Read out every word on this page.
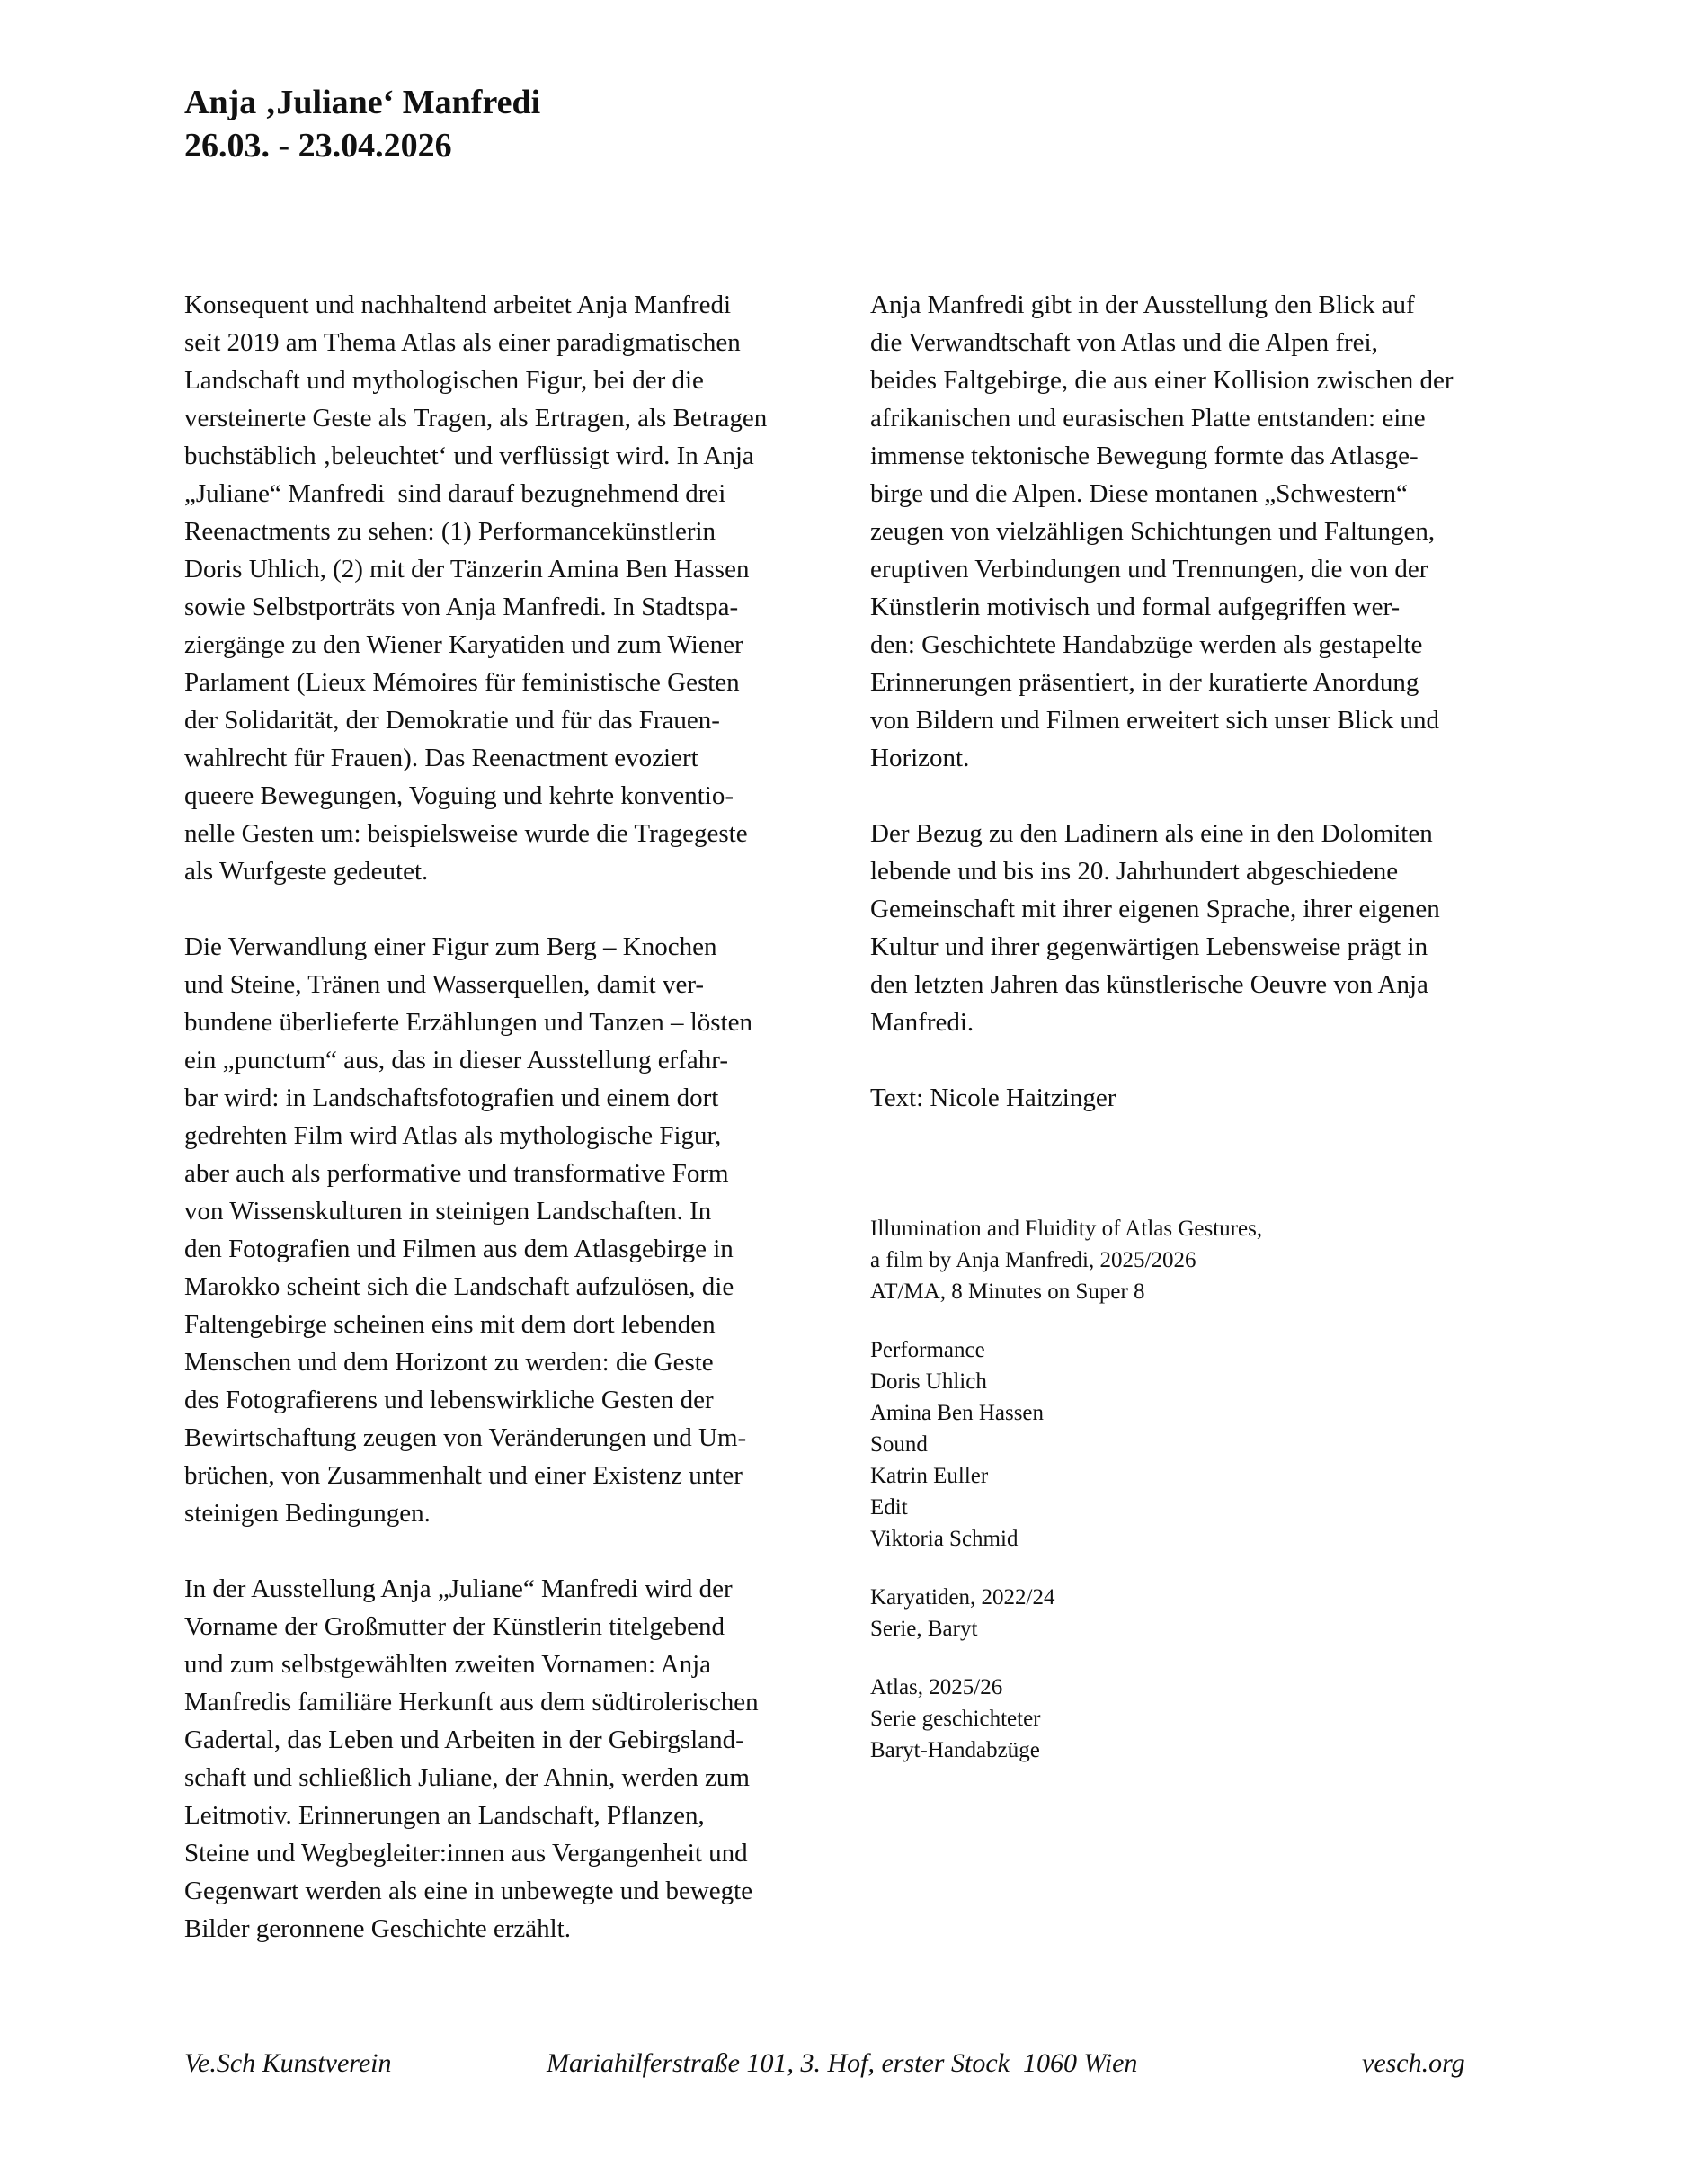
Anja ‚Juliane‘ Manfredi
26.03. - 23.04.2026
Konsequent und nachhaltend arbeitet Anja Manfredi
seit 2019 am Thema Atlas als einer paradigmatischen
Landschaft und mythologischen Figur, bei der die
versteinerte Geste als Tragen, als Ertragen, als Betragen
buchstäblich ‚beleuchtet‘ und verflüssigt wird. In Anja
„Juliane“ Manfredi  sind darauf bezugnehmend drei
Reenactments zu sehen: (1) Performancekünstlerin
Doris Uhlich, (2) mit der Tänzerin Amina Ben Hassen
sowie Selbstporträts von Anja Manfredi. In Stadtspa-
ziergänge zu den Wiener Karyatiden und zum Wiener
Parlament (Lieux Mémoires für feministische Gesten
der Solidarität, der Demokratie und für das Frauen-
wahlrecht für Frauen). Das Reenactment evoziert
queere Bewegungen, Voguing und kehrte konventio-
nelle Gesten um: beispielsweise wurde die Tragegeste
als Wurfgeste gedeutet.
Die Verwandlung einer Figur zum Berg – Knochen
und Steine, Tränen und Wasserquellen, damit ver-
bundene überlieferte Erzählungen und Tanzen – lösten
ein „punctum“ aus, das in dieser Ausstellung erfahr-
bar wird: in Landschaftsfotografien und einem dort
gedrehten Film wird Atlas als mythologische Figur,
aber auch als performative und transformative Form
von Wissenskulturen in steinigen Landschaften. In
den Fotografien und Filmen aus dem Atlasgebirge in
Marokko scheint sich die Landschaft aufzulösen, die
Faltengebirge scheinen eins mit dem dort lebenden
Menschen und dem Horizont zu werden: die Geste
des Fotografierens und lebenswirkliche Gesten der
Bewirtschaftung zeugen von Veränderungen und Um-
brüchen, von Zusammenhalt und einer Existenz unter
steinigen Bedingungen.
In der Ausstellung Anja „Juliane“ Manfredi wird der
Vorname der Großmutter der Künstlerin titelgebend
und zum selbstgewählten zweiten Vornamen: Anja
Manfredis familiäre Herkunft aus dem südtirolerischen
Gadertal, das Leben und Arbeiten in der Gebirgsland-
schaft und schließlich Juliane, der Ahnin, werden zum
Leitmotiv. Erinnerungen an Landschaft, Pflanzen,
Steine und Wegbegleiter:innen aus Vergangenheit und
Gegenwart werden als eine in unbewegte und bewegte
Bilder geronnene Geschichte erzählt.
Anja Manfredi gibt in der Ausstellung den Blick auf
die Verwandtschaft von Atlas und die Alpen frei,
beides Faltgebirge, die aus einer Kollision zwischen der
afrikanischen und eurasischen Platte entstanden: eine
immense tektonische Bewegung formte das Atlasge-
birge und die Alpen. Diese montanen „Schwestern“
zeugen von vielzähligen Schichtungen und Faltungen,
eruptiven Verbindungen und Trennungen, die von der
Künstlerin motivisch und formal aufgegriffen wer-
den: Geschichtete Handabzüge werden als gestapelte
Erinnerungen präsentiert, in der kuratierte Anordung
von Bildern und Filmen erweitert sich unser Blick und
Horizont.
Der Bezug zu den Ladinern als eine in den Dolomiten
lebende und bis ins 20. Jahrhundert abgeschiedene
Gemeinschaft mit ihrer eigenen Sprache, ihrer eigenen
Kultur und ihrer gegenwärtigen Lebensweise prägt in
den letzten Jahren das künstlerische Oeuvre von Anja
Manfredi.
Text: Nicole Haitzinger
Illumination and Fluidity of Atlas Gestures,
a film by Anja Manfredi, 2025/2026
AT/MA, 8 Minutes on Super 8
Performance
Doris Uhlich
Amina Ben Hassen
Sound
Katrin Euller
Edit
Viktoria Schmid
Karyatiden, 2022/24
Serie, Baryt
Atlas, 2025/26
Serie geschichteter
Baryt-Handabzüge
Ve.Sch Kunstverein	Mariahilferstraße 101, 3. Hof, erster Stock  1060 Wien	vesch.org
